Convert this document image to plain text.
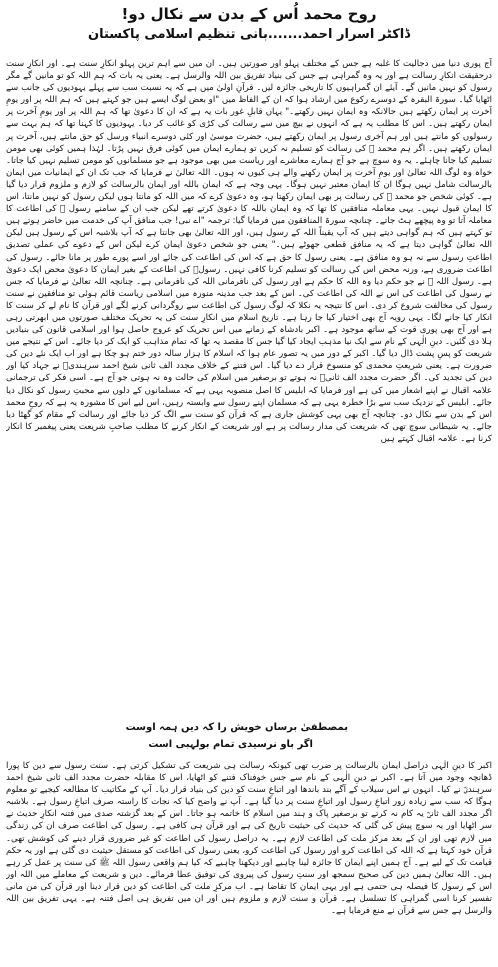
روح محمد اُس کے بدن سے نکال دو!
ڈاکٹر اسرار احمد.......بانی تنظیم اسلامی پاکستان
آج پوری دنیا میں دجالیت کا غلبہ ہے جس کے مختلف پہلو اور صورتیں ہیں۔ ان میں سے اہم ترین پہلو انکارِ سنت ہے۔ اور انکارِ سنت درحقیقت انکارِ رسالت ہے اور یہ وہ گمراہی ہے جس کی بنیاد تفریق بین اللہ والرسل ہے۔ یعنی یہ بات کہ ہم اللہ کو تو مانیں گے مگر رسول کو نہیں مانیں گے۔ آیئے ان گمراہیوں کا تاریخی جائزہ لیں۔ قرآنِ اولیٰ میں ہے کہ یہ نسبت سب سے پہلے یہودیوں کی جانب سے اٹھایا گیا۔ سورۃ البقرہ کے دوسرے رکوع میں ارشاد ہوا کہ ان کے الفاظ میں "او بعض لوگ ایسے ہیں جو کہتے ہیں کہ ہم اللہ پر اور یومِ آخرت پر ایمان رکھتے ہیں حالانکہ وہ ایمان نہیں رکھتے۔" یہاں قابلِ غور بات یہ ہے کہ ان کا دعویٰ تھا کہ ہم اللہ پر اور یومِ آخرت پر ایمان رکھتے ہیں۔ اس کا مطلب یہ ہے کہ انہوں نے بیچ میں سے رسالت کی کڑی کو غائب کر دیا۔ یہودیوں کا کہنا تھا کہ ہم بہت سے رسولوں کو مانتے ہیں اور ہم آخری رسول پر ایمان رکھتے ہیں، حضرت موسیٰ اور کئی دوسرے انبیاء ورسل کو حق مانتے ہیں، آخرت پر ایمان رکھتے ہیں۔ اگر ہم محمد ﷺ کی رسالت کو تسلیم نہ کریں تو ہمارے ایمان میں کوئی فرق نہیں پڑتا۔ لہٰذا ہمیں کوئی بھی مومن تسلیم کیا جانا چاہئے۔ یہ وہ سوچ ہے جو آج ہمارے معاشرے اور ریاست میں بھی موجود ہے جو مسلمانوں کو مومن تسلیم نہیں کیا جاتا۔ خواہ وہ لوگ اللہ تعالیٰ اور یومِ آخرت پر ایمان رکھنے والے ہی کیوں نہ ہوں۔ اللہ تعالیٰ نے فرمایا کہ جب تک ان کے ایمانیات میں ایمان بالرسالت شامل نہیں ہوگا ان کا ایمان معتبر نہیں ہوگا۔ یہی وجہ ہے کہ ایمان باللہ اور ایمان بالرسالت کو لازم و ملزوم قرار دیا گیا ہے۔ کوئی شخص جو محمد ﷺ کی رسالت پر بھی ایمان رکھتا ہو، وہ دعویٰ کرے کہ میں اللہ کو مانتا ہوں لیکن رسول کو نہیں مانتا، اس کا ایمان قبول نہیں۔ یہی معاملہ منافقین کا تھا کہ وہ ایمان باللہ کا دعویٰ کرتے تھے لیکن جب ان کے سامنے رسول ﷺ کی اطاعت کا معاملہ آتا تو وہ پیچھے ہٹ جاتے۔ چنانچہ سورۃ المنافقون میں فرمایا گیا: ترجمہ "اے نبی! جب منافق آپ کی خدمت میں حاضر ہوتے ہیں تو کہتے ہیں کہ ہم گواہی دیتے ہیں کہ آپ یقیناً اللہ کے رسول ہیں، اور اللہ تعالیٰ بھی جانتا ہے کہ آپ بلاشبہ اس کے رسول ہیں لیکن اللہ تعالیٰ گواہی دیتا ہے کہ یہ منافق قطعی جھوٹے ہیں۔" یعنی جو شخص دعویٰ ایمان کرے لیکن اس کے دعوے کی عملی تصدیق اطاعتِ رسول سے نہ ہو وہ منافق ہے۔ یعنی رسول کا حق ہے کہ اس کی اطاعت کی جائے اور اسے پورے طور پر مانا جائے۔ رسول کی اطاعت ضروری ہے، ورنہ محض اس کی رسالت کو تسلیم کرنا کافی نہیں۔ رسولﷺ کی اطاعت کے بغیر ایمان کا دعویٰ محض ایک دعویٰ ہے۔ رسول اللہ ﷺ نے جو حکم دیا وہ اللہ کا حکم ہے اور رسول کی نافرمانی اللہ کی نافرمانی ہے۔ چنانچہ اللہ تعالیٰ نے فرمایا کہ جس نے رسول کی اطاعت کی اس نے اللہ کی اطاعت کی۔ اس کے بعد جب مدینہ منورہ میں اسلامی ریاست قائم ہوئی تو منافقین نے سنت رسول کی مخالفت شروع کر دی۔ اس کا نتیجہ یہ نکلا کہ لوگ رسول کی اطاعت سے روگردانی کرنے لگے اور قرآن کا نام لے کر سنت کا انکار کیا جانے لگا۔ یہی رویہ آج بھی اختیار کیا جا رہا ہے۔ تاریخ اسلام میں انکارِ سنت کی یہ تحریک مختلف صورتوں میں ابھرتی رہی ہے اور آج بھی پوری قوت کے ساتھ موجود ہے۔ اکبر بادشاہ کے زمانے میں اس تحریک کو عروج حاصل ہوا اور اسلامی قانون کی بنیادیں ہلا دی گئیں۔ دینِ الٰہی کے نام سے ایک نیا مذہب ایجاد کیا گیا جس کا مقصد یہ تھا کہ تمام مذاہب کو ایک کر دیا جائے۔ اس کے نتیجے میں شریعت کو پسِ پشت ڈال دیا گیا۔ اکبر کے دور میں یہ تصور عام ہوا کہ اسلام کا ہزار سالہ دور ختم ہو چکا ہے اور اب ایک نئے دین کی ضرورت ہے۔ یعنی شریعتِ محمدی کو منسوخ قرار دے دیا گیا۔ اس فتنے کے خلاف مجدد الف ثانی شیخ احمد سرہندیؒ نے جہاد کیا اور دین کی تجدید کی۔ اگر حضرت مجدد الف ثانیؒ نہ ہوتے تو برصغیر میں اسلام کی حالت وہ نہ ہوتی جو آج ہے۔ اسی فکر کی ترجمانی علامہ اقبال نے اپنے اشعار میں کی ہے اور فرمایا کہ ابلیس کا اصل منصوبہ یہی ہے کہ مسلمانوں کے دلوں سے محبتِ رسول کو نکال دیا جائے۔ ابلیس کے نزدیک سب سے بڑا خطرہ یہی ہے کہ مسلمان اپنے رسول سے وابستہ رہیں، اس لیے اس کا مشورہ یہ ہے کہ روحِ محمد اس کے بدن سے نکال دو۔ چنانچہ آج بھی یہی کوشش جاری ہے کہ قرآن کو سنت سے الگ کر دیا جائے اور رسالت کے مقام کو گھٹا دیا جائے۔ یہ شیطانی سوچ تھی کہ شریعت کی مدار رسالت پر ہے اور شریعت کے انکار کرنے کا مطلب صاحبِ شریعت یعنی پیغمبر کا انکار کرنا ہے۔ علامہ اقبال کہتے ہیں
بمصطفیٰ برساں خویش را کہ دیں ہمہ اوست
اگر باو نرسیدی تمام بولہبی است
اکبر کا دینِ الٰہی دراصل ایمان بالرسالت پر ضرب تھی کیونکہ رسالت ہی شریعت کی تشکیل کرتی ہے۔ سنت رسول سے دین کا پورا ڈھانچہ وجود میں آتا ہے۔ اکبر نے دینِ الٰہی کے نام سے جس خوفناک فتنے کو اٹھایا، اس کا مقابلہ حضرت مجدد الف ثانی شیخ احمد سرہندیؒ نے کیا۔ انہوں نے اس سیلاب کے آگے بند باندھا اور اتباعِ سنت کو دین کی بنیاد قرار دیا۔ آپ کے مکاتیب کا مطالعہ کیجیے تو معلوم ہوگا کہ سب سے زیادہ زور اتباعِ رسول اور اتباعِ سنت پر دیا گیا ہے۔ آپ نے واضح کیا کہ نجات کا راستہ صرف اتباعِ رسول ہے۔ بلاشبہ اگر مجدد الف ثانیؒ یہ کام نہ کرتے تو برصغیر پاک و ہند میں اسلام کا خاتمہ ہو جاتا۔ اس کے بعد گزشتہ صدی میں فتنہ انکارِ حدیث نے سر اٹھایا اور یہ سوچ پیش کی گئی کہ حدیث کی حیثیت تاریخ کی ہے اور قرآن ہی کافی ہے۔ رسول کی اطاعت صرف ان کی زندگی میں لازم تھی اور ان کے بعد مرکز ملت کی اطاعت لازم ہے۔ یہ دراصل رسول کی اطاعت کو غیر ضروری قرار دینے کی کوشش تھی۔ قرآن خود کہتا ہے کہ اللہ کی اطاعت کرو اور رسول کی اطاعت کرو، یعنی رسول کی اطاعت کو مستقل حیثیت دی گئی ہے اور یہ حکم قیامت تک کے لیے ہے۔ آج ہمیں اپنے ایمان کا جائزہ لینا چاہیے اور دیکھنا چاہیے کہ کیا ہم واقعی رسول اللہ ﷺ کی سنت پر عمل کر رہے ہیں۔ اللہ تعالیٰ ہمیں دین کی صحیح سمجھ اور سنتِ رسول کی پیروی کی توفیق عطا فرمائے۔ دین و شریعت کے معاملے میں اللہ اور اس کے رسول کا فیصلہ ہی حتمی ہے اور یہی ایمان کا تقاضا ہے۔ اب مرکزِ ملت کی اطاعت کو دین قرار دینا اور قرآن کی من مانی تفسیر کرنا اسی گمراہی کا تسلسل ہے۔ قرآن و سنت لازم و ملزوم ہیں اور ان میں تفریق ہی اصل فتنہ ہے۔ یہی تفریق بین اللہ والرسل ہے جس سے قرآن نے منع فرمایا ہے۔
